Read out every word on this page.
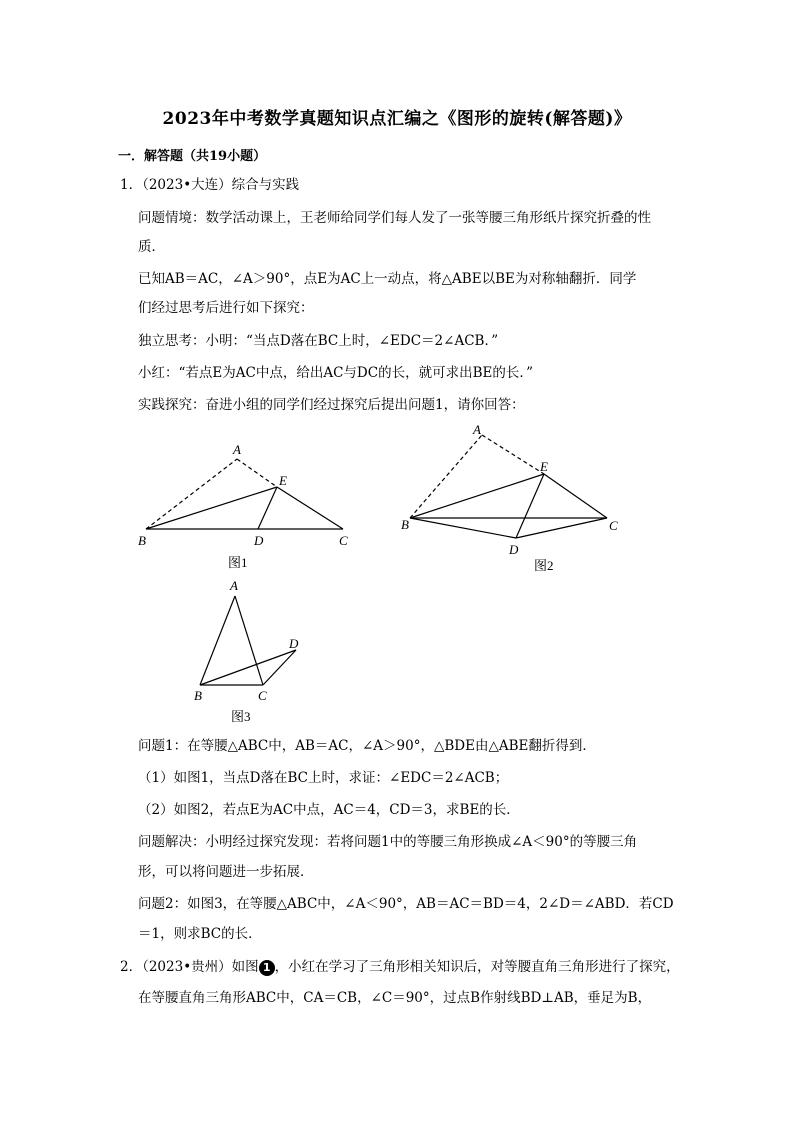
2023年中考数学真题知识点汇编之《图形的旋转(解答题)》
一．解答题（共19小题）
1．（2023•大连）综合与实践
问题情境：数学活动课上，王老师给同学们每人发了一张等腰三角形纸片探究折叠的性
质．
已知AB＝AC，∠A＞90°，点E为AC上一动点，将△ABE以BE为对称轴翻折．同学
们经过思考后进行如下探究：
独立思考：小明：“当点D落在BC上时，∠EDC＝2∠ACB．”
小红：“若点E为AC中点，给出AC与DC的长，就可求出BE的长．”
实践探究：奋进小组的同学们经过探究后提出问题1，请你回答：
A
E
B	D	C
图1
A
E
B	C
D
图2
A
D
B	C
图3
问题1：在等腰△ABC中，AB＝AC，∠A＞90°，△BDE由△ABE翻折得到．
（1）如图1，当点D落在BC上时，求证：∠EDC＝2∠ACB；
（2）如图2，若点E为AC中点，AC＝4，CD＝3，求BE的长．
问题解决：小明经过探究发现：若将问题1中的等腰三角形换成∠A＜90°的等腰三角
形，可以将问题进一步拓展．
问题2：如图3，在等腰△ABC中，∠A＜90°，AB＝AC＝BD＝4，2∠D＝∠ABD．若CD
＝1，则求BC的长．
2．（2023•贵州）如图 1 ，小红在学习了三角形相关知识后，对等腰直角三角形进行了探究，
在等腰直角三角形ABC中，CA＝CB，∠C＝90°，过点B作射线BD⊥AB，垂足为B，
